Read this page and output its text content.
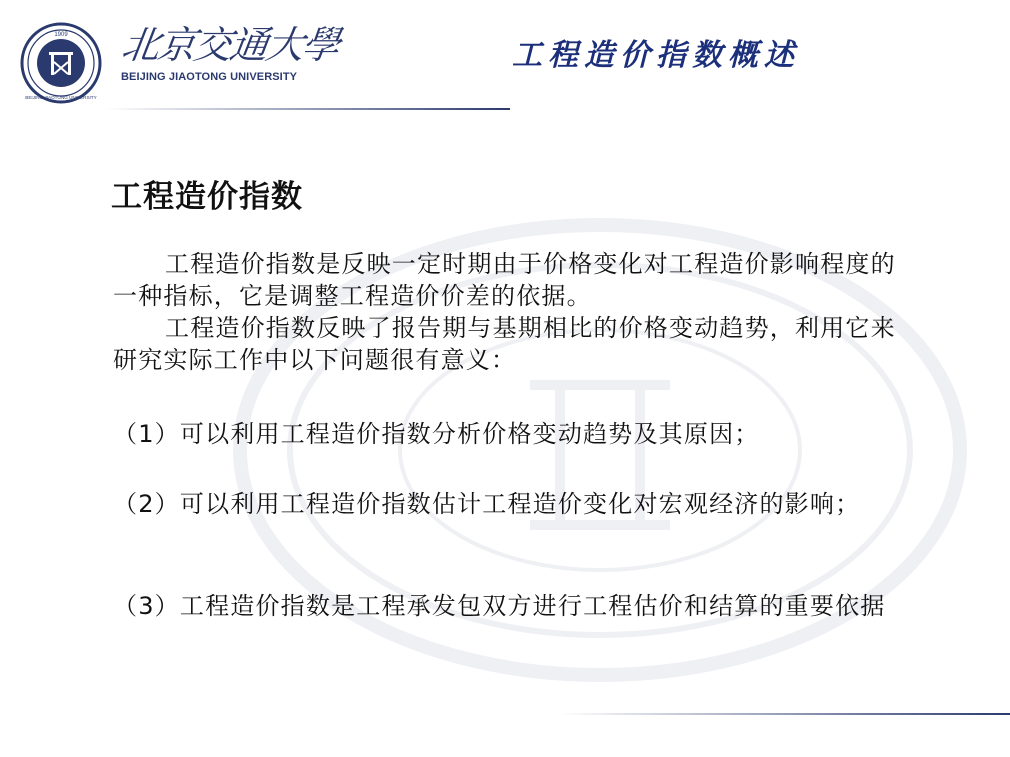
1909
BEIJING JIAOTONG UNIVERSITY
北京交通大學
BEIJING JIAOTONG UNIVERSITY
工程造价指数概述
工程造价指数
工程造价指数是反映一定时期由于价格变化对工程造价影响程度的一种指标，它是调整工程造价价差的依据。
工程造价指数反映了报告期与基期相比的价格变动趋势，利用它来研究实际工作中以下问题很有意义：
（1）可以利用工程造价指数分析价格变动趋势及其原因；
（2）可以利用工程造价指数估计工程造价变化对宏观经济的影响；
（3）工程造价指数是工程承发包双方进行工程估价和结算的重要依据
